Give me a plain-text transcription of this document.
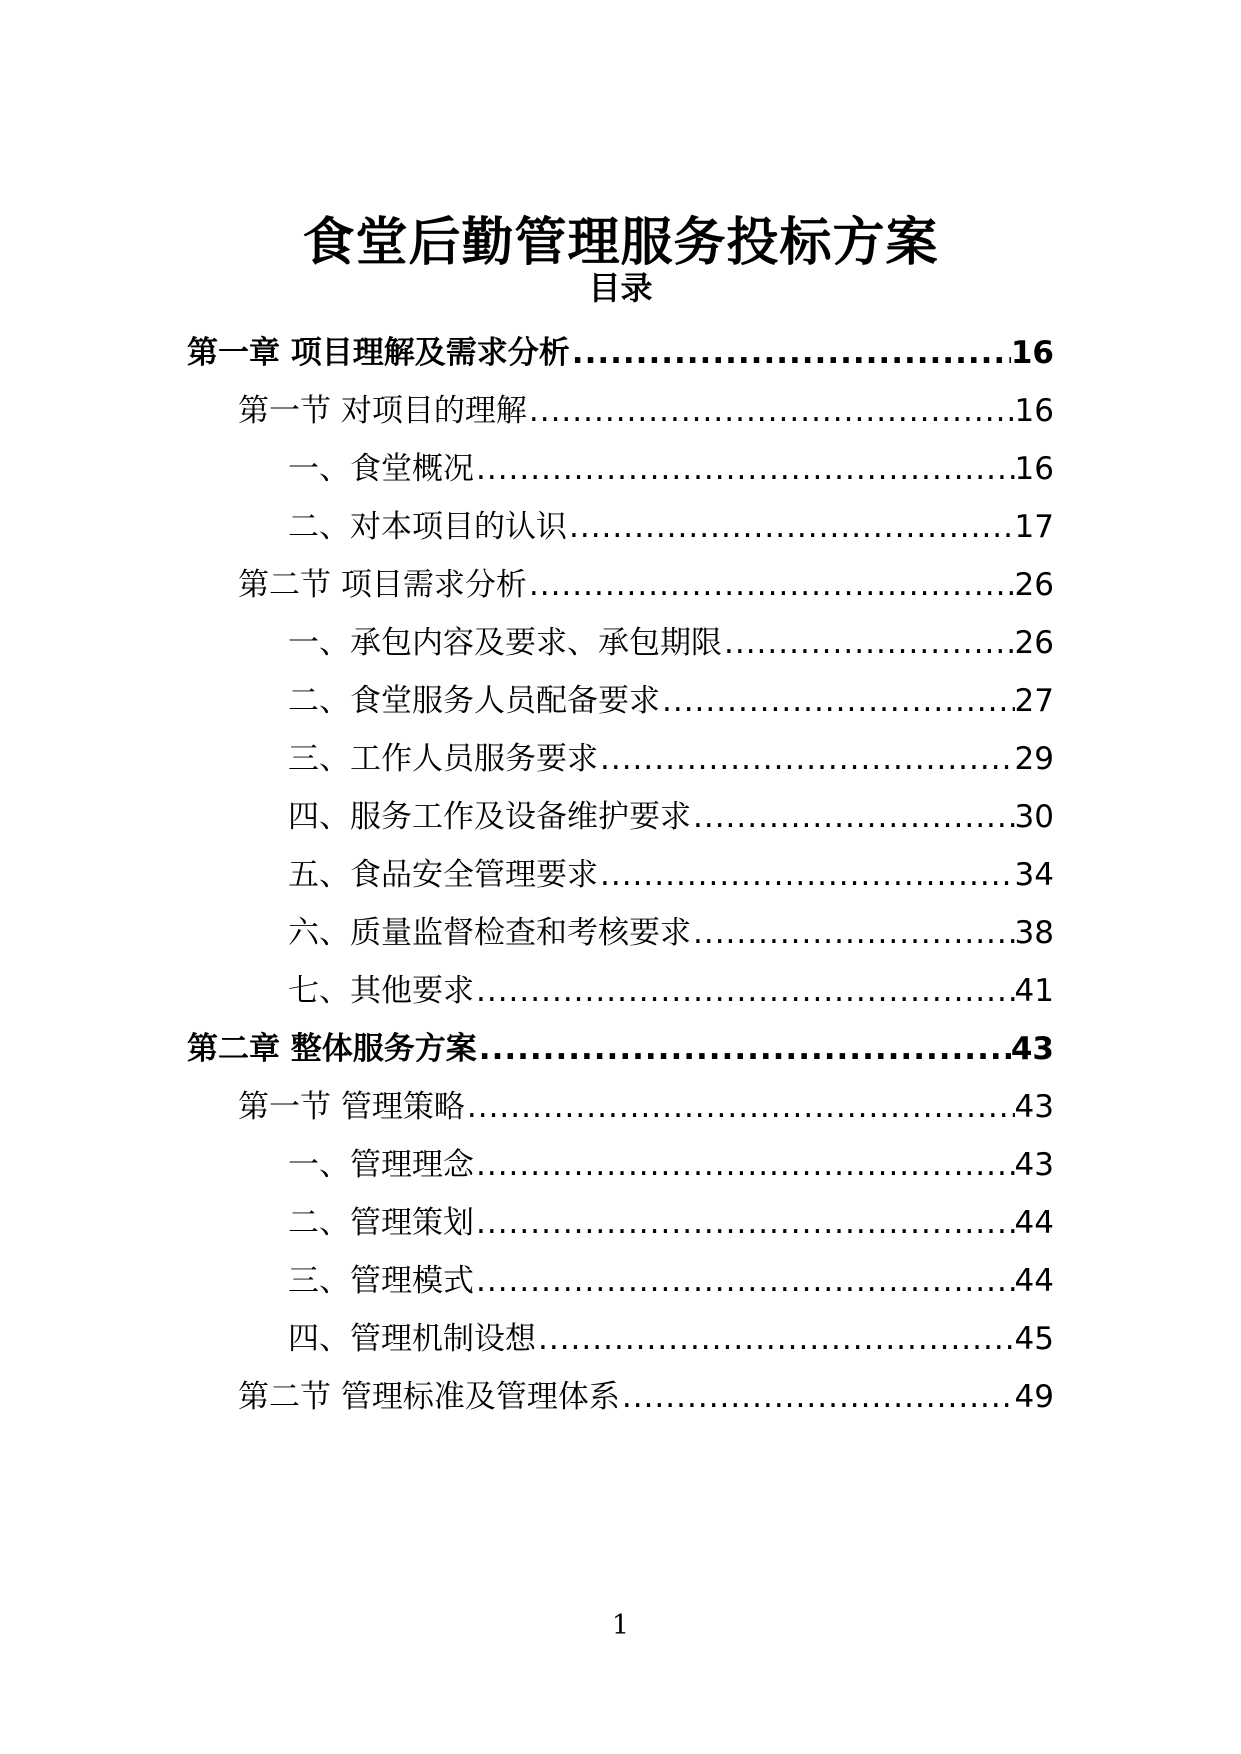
食堂后勤管理服务投标方案
目录
第一章 项目理解及需求分析 .....	16
第一节 对项目的理解 .....	16
一、食堂概况 .....	16
二、对本项目的认识 .....	17
第二节 项目需求分析 .....	26
一、承包内容及要求、承包期限 .....	26
二、食堂服务人员配备要求 .....	27
三、工作人员服务要求 .....	29
四、服务工作及设备维护要求 .....	30
五、食品安全管理要求 .....	34
六、质量监督检查和考核要求 .....	38
七、其他要求 .....	41
第二章 整体服务方案 .....	43
第一节 管理策略 .....	43
一、管理理念 .....	43
二、管理策划 .....	44
三、管理模式 .....	44
四、管理机制设想 .....	45
第二节 管理标准及管理体系 .....	49
1
